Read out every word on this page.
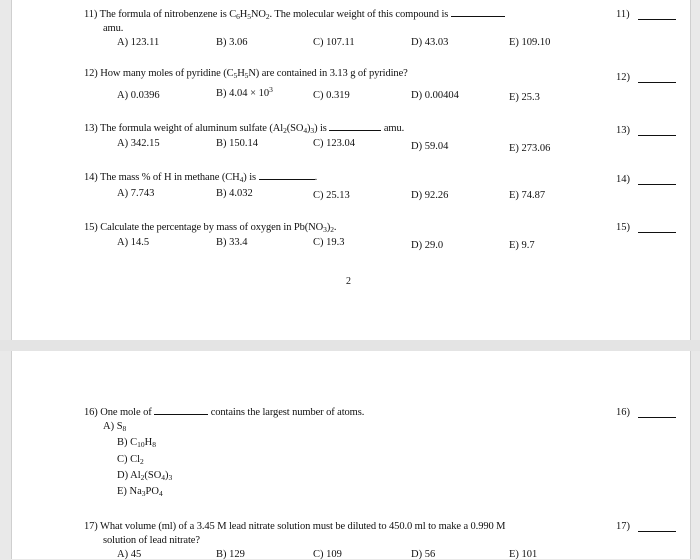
11) The formula of nitrobenzene is $C_6H_5NO_2$. The molecular weight of this compound is
amu.
A) 123.11	B) 3.06	C) 107.11	D) 43.03	E) 109.10
11)
12) How many moles of pyridine $(C_5H_5N)$ are contained in 3.13 g of pyridine?
A) 0.0396	B) $4.04 \times 10^3$
C) 0.319	D) 0.00404	E) 25.3
12)
13) The formula weight of aluminum sulfate $(Al_2(SO_4)_3)$ is	amu.
A) 342.15	B) 150.14	C) 123.04	D) 59.04	E) 273.06
13)
14) The mass % of H in methane $(CH_4)$ is	.
A) 7.743	B) 4.032	C) 25.13	D) 92.26	E) 74.87
14)
15) Calculate the percentage by mass of oxygen in $Pb(NO_3)_2$.
A) 14.5	B) 33.4	C) 19.3	D) 29.0	E) 9.7
15)
2
16) One mole of	contains the largest number of atoms.
A) $S_8$
B) $C_{10}H_8$
C) $Cl_2$
D) $Al_2(SO_4)_3$
E) $Na_3PO_4$
16)
17) What volume (ml) of a 3.45 M lead nitrate solution must be diluted to 450.0 ml to make a 0.990 M
solution of lead nitrate?
A) 45	B) 129	C) 109	D) 56	E) 101
17)
